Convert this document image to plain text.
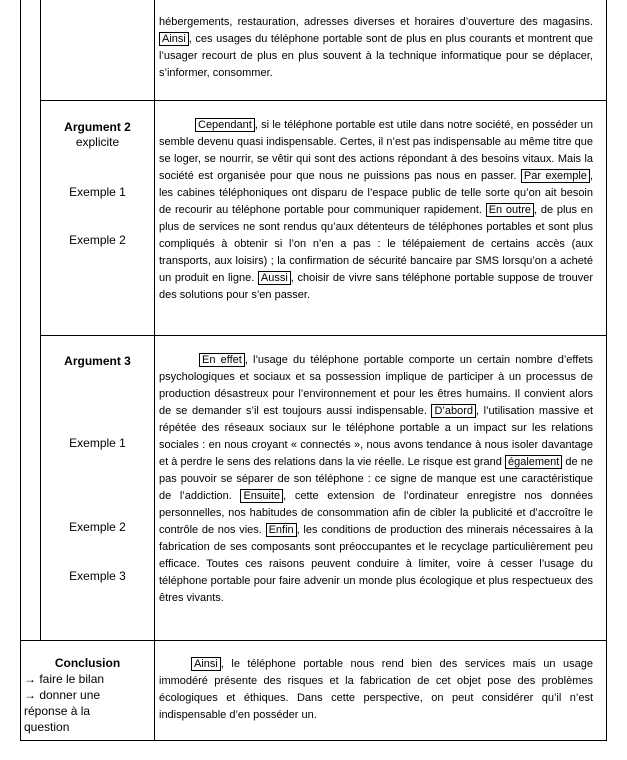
hébergements, restauration, adresses diverses et horaires d’ouverture des magasins. Ainsi , ces usages du téléphone portable sont de plus en plus courants et montrent que l’usager recourt de plus en plus souvent à la technique informatique pour se déplacer, s’informer, consommer.
Argument 2
explicite
Exemple 1
Exemple 2
Cependant , si le téléphone portable est utile dans notre société, en posséder un semble devenu quasi indispensable. Certes, il n’est pas indispensable au même titre que se loger, se nourrir, se vêtir qui sont des actions répondant à des besoins vitaux. Mais la société est organisée pour que nous ne puissions pas nous en passer. Par exemple , les cabines téléphoniques ont disparu de l’espace public de telle sorte qu’on ait besoin de recourir au téléphone portable pour communiquer rapidement. En outre , de plus en plus de services ne sont rendus qu’aux détenteurs de téléphones portables et sont plus compliqués à obtenir si l’on n’en a pas : le télépaiement de certains accès (aux transports, aux loisirs) ; la confirmation de sécurité bancaire par SMS lorsqu’on a acheté un produit en ligne. Aussi , choisir de vivre sans téléphone portable suppose de trouver des solutions pour s’en passer.
Argument 3
Exemple 1
Exemple 2
Exemple 3
En effet , l’usage du téléphone portable comporte un certain nombre d’effets psychologiques et sociaux et sa possession implique de participer à un processus de production désastreux pour l’environnement et pour les êtres humains. Il convient alors de se demander s’il est toujours aussi indispensable. D’abord , l’utilisation massive et répétée des réseaux sociaux sur le téléphone portable a un impact sur les relations sociales : en nous croyant « connectés », nous avons tendance à nous isoler davantage et à perdre le sens des relations dans la vie réelle. Le risque est grand également de ne pas pouvoir se séparer de son téléphone : ce signe de manque est une caractéristique de l’addiction. Ensuite , cette extension de l’ordinateur enregistre nos données personnelles, nos habitudes de consommation afin de cibler la publicité et d’accroître le contrôle de nos vies. Enfin , les conditions de production des minerais nécessaires à la fabrication de ses composants sont préoccupantes et le recyclage particulièrement peu efficace. Toutes ces raisons peuvent conduire à limiter, voire à cesser l’usage du téléphone portable pour faire advenir un monde plus écologique et plus respectueux des êtres vivants.
Conclusion
→ faire le bilan
→ donner une
réponse à la
question
Ainsi , le téléphone portable nous rend bien des services mais un usage immodéré présente des risques et la fabrication de cet objet pose des problèmes écologiques et éthiques. Dans cette perspective, on peut considérer qu’il n’est indispensable d’en posséder un.
